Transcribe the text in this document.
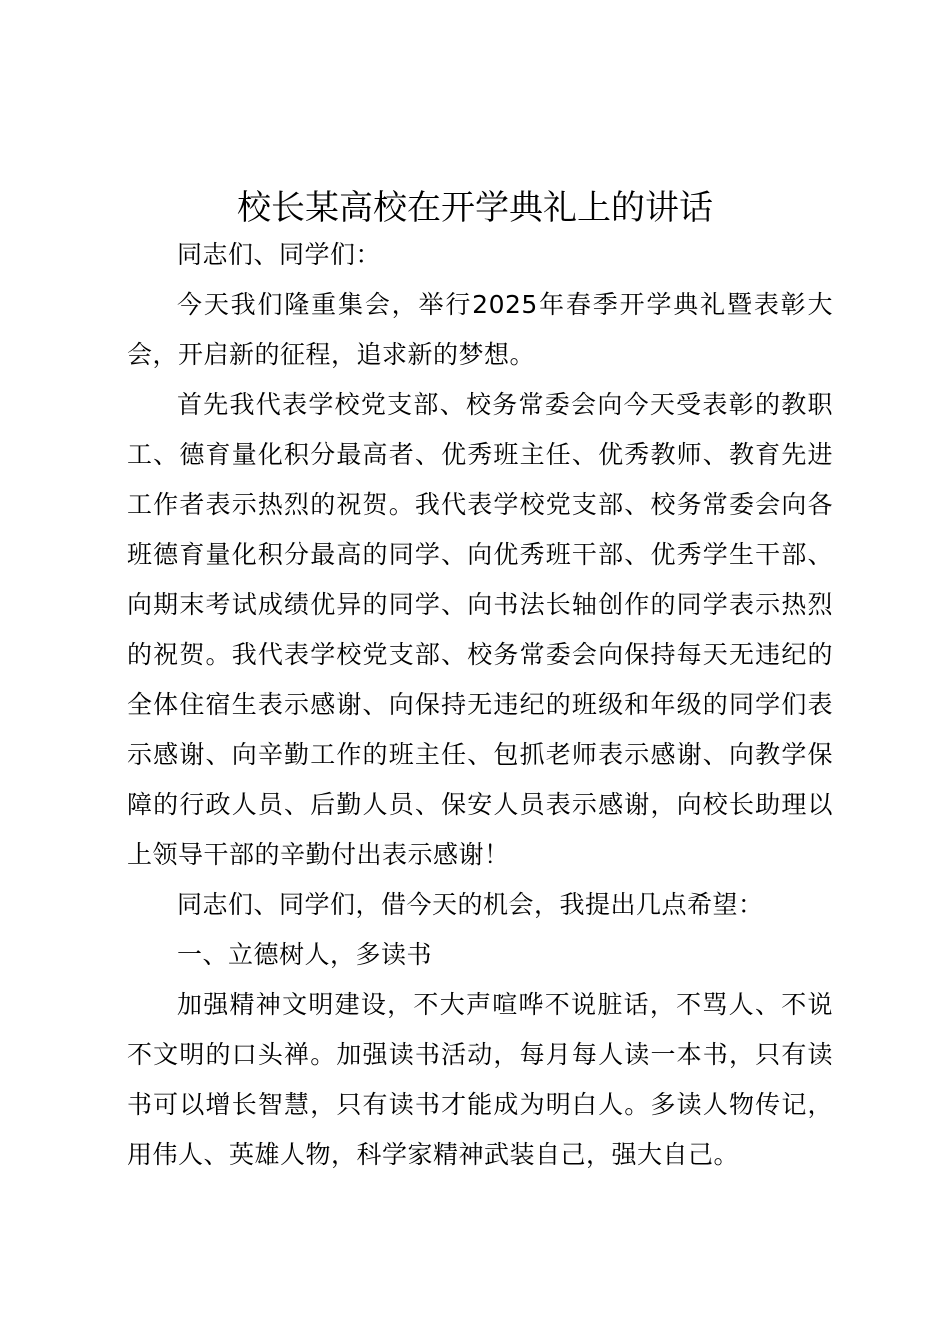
校长某高校在开学典礼上的讲话

同志们、同学们：

今天我们隆重集会，举行2025年春季开学典礼暨表彰大会，开启新的征程，追求新的梦想。

首先我代表学校党支部、校务常委会向今天受表彰的教职工、德育量化积分最高者、优秀班主任、优秀教师、教育先进工作者表示热烈的祝贺。我代表学校党支部、校务常委会向各班德育量化积分最高的同学、向优秀班干部、优秀学生干部、向期末考试成绩优异的同学、向书法长轴创作的同学表示热烈的祝贺。我代表学校党支部、校务常委会向保持每天无违纪的全体住宿生表示感谢、向保持无违纪的班级和年级的同学们表示感谢、向辛勤工作的班主任、包抓老师表示感谢、向教学保障的行政人员、后勤人员、保安人员表示感谢，向校长助理以上领导干部的辛勤付出表示感谢！

同志们、同学们，借今天的机会，我提出几点希望：

一、立德树人，多读书

加强精神文明建设，不大声喧哗不说脏话，不骂人、不说不文明的口头禅。加强读书活动，每月每人读一本书，只有读书可以增长智慧，只有读书才能成为明白人。多读人物传记，用伟人、英雄人物，科学家精神武装自己，强大自己。
